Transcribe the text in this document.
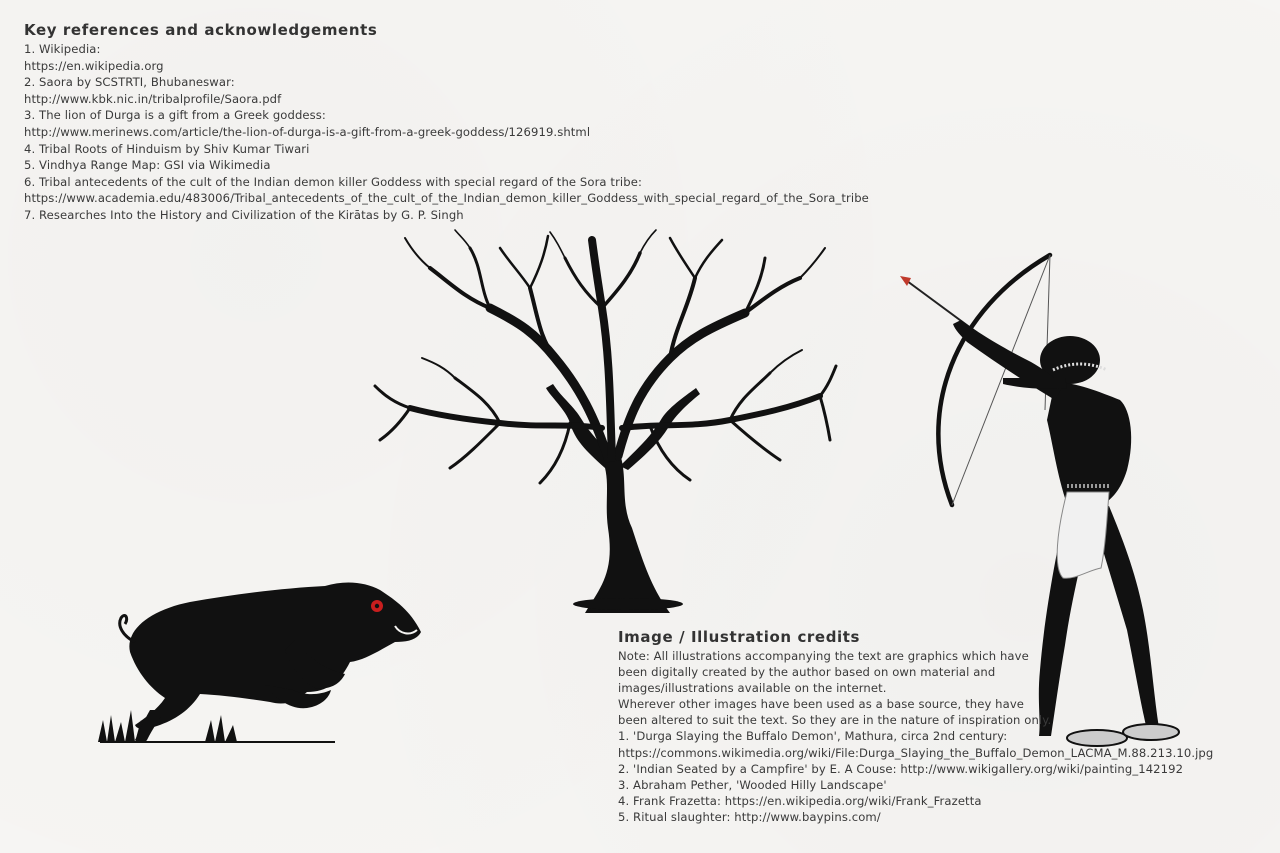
Key references and acknowledgements
1. Wikipedia:
https://en.wikipedia.org
2. Saora by SCSTRTI, Bhubaneswar:
http://www.kbk.nic.in/tribalprofile/Saora.pdf
3. The lion of Durga is a gift from a Greek goddess:
http://www.merinews.com/article/the-lion-of-durga-is-a-gift-from-a-greek-goddess/126919.shtml
4. Tribal Roots of Hinduism by Shiv Kumar Tiwari
5. Vindhya Range Map: GSI via Wikimedia
6. Tribal antecedents of the cult of the Indian demon killer Goddess with special regard of the Sora tribe:
https://www.academia.edu/483006/Tribal_antecedents_of_the_cult_of_the_Indian_demon_killer_Goddess_with_special_regard_of_the_Sora_tribe
7. Researches Into the History and Civilization of the Kirātas by G. P. Singh
Image / Illustration credits
Note: All illustrations accompanying the text are graphics which have
been digitally created by the author based on own material and
images/illustrations available on the internet.
Wherever other images have been used as a base source, they have
been altered to suit the text. So they are in the nature of inspiration only.
1. 'Durga Slaying the Buffalo Demon', Mathura, circa 2nd century:
https://commons.wikimedia.org/wiki/File:Durga_Slaying_the_Buffalo_Demon_LACMA_M.88.213.10.jpg
2. 'Indian Seated by a Campfire' by E. A Couse: http://www.wikigallery.org/wiki/painting_142192
3. Abraham Pether, 'Wooded Hilly Landscape'
4. Frank Frazetta: https://en.wikipedia.org/wiki/Frank_Frazetta
5. Ritual slaughter: http://www.baypins.com/
